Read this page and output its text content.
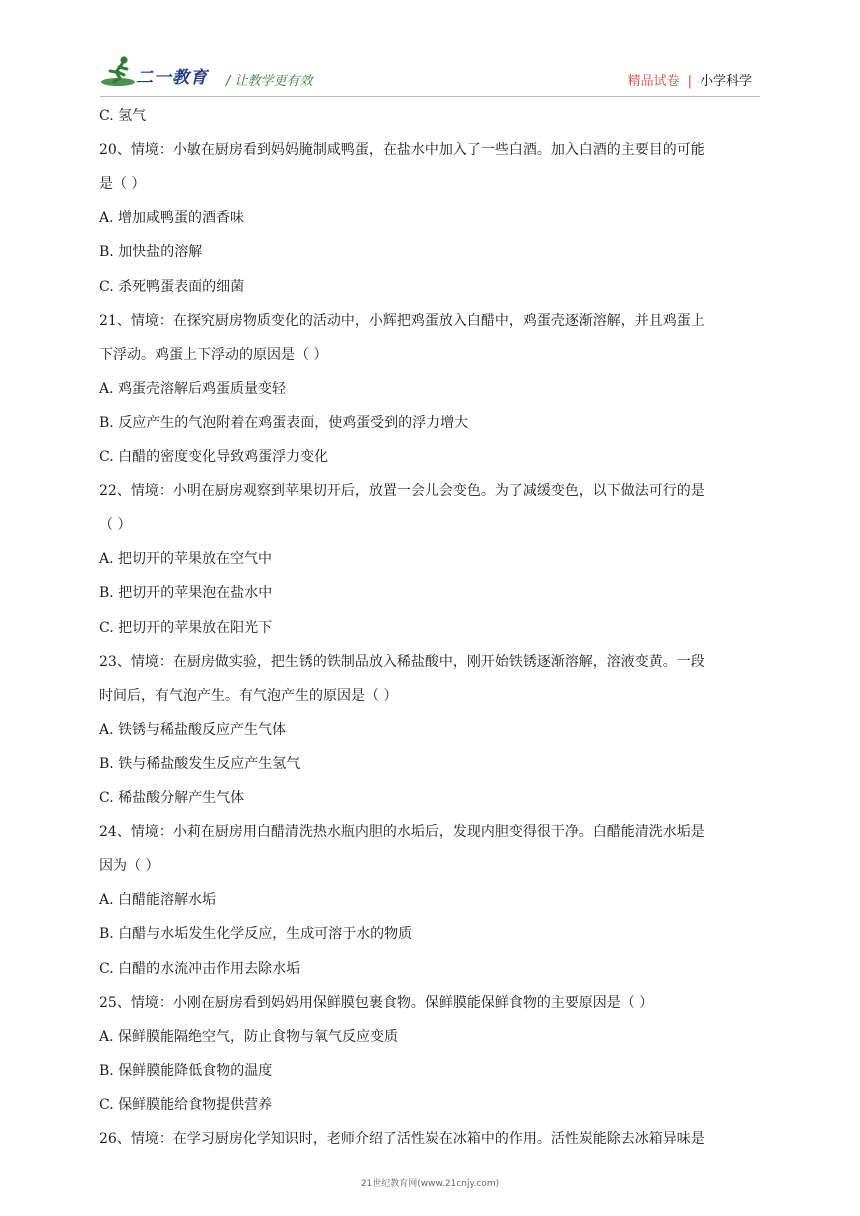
二一教育 / 让教学更有效	精品试卷 | 小学科学
C. 氢气
20、情境：小敏在厨房看到妈妈腌制咸鸭蛋，在盐水中加入了一些白酒。加入白酒的主要目的可能
是（ ）
A. 增加咸鸭蛋的酒香味
B. 加快盐的溶解
C. 杀死鸭蛋表面的细菌
21、情境：在探究厨房物质变化的活动中，小辉把鸡蛋放入白醋中，鸡蛋壳逐渐溶解，并且鸡蛋上
下浮动。鸡蛋上下浮动的原因是（ ）
A. 鸡蛋壳溶解后鸡蛋质量变轻
B. 反应产生的气泡附着在鸡蛋表面，使鸡蛋受到的浮力增大
C. 白醋的密度变化导致鸡蛋浮力变化
22、情境：小明在厨房观察到苹果切开后，放置一会儿会变色。为了减缓变色，以下做法可行的是
（ ）
A. 把切开的苹果放在空气中
B. 把切开的苹果泡在盐水中
C. 把切开的苹果放在阳光下
23、情境：在厨房做实验，把生锈的铁制品放入稀盐酸中，刚开始铁锈逐渐溶解，溶液变黄。一段
时间后，有气泡产生。有气泡产生的原因是（ ）
A. 铁锈与稀盐酸反应产生气体
B. 铁与稀盐酸发生反应产生氢气
C. 稀盐酸分解产生气体
24、情境：小莉在厨房用白醋清洗热水瓶内胆的水垢后，发现内胆变得很干净。白醋能清洗水垢是
因为（ ）
A. 白醋能溶解水垢
B. 白醋与水垢发生化学反应，生成可溶于水的物质
C. 白醋的水流冲击作用去除水垢
25、情境：小刚在厨房看到妈妈用保鲜膜包裹食物。保鲜膜能保鲜食物的主要原因是（ ）
A. 保鲜膜能隔绝空气，防止食物与氧气反应变质
B. 保鲜膜能降低食物的温度
C. 保鲜膜能给食物提供营养
26、情境：在学习厨房化学知识时，老师介绍了活性炭在冰箱中的作用。活性炭能除去冰箱异味是
21世纪教育网(www.21cnjy.com)
